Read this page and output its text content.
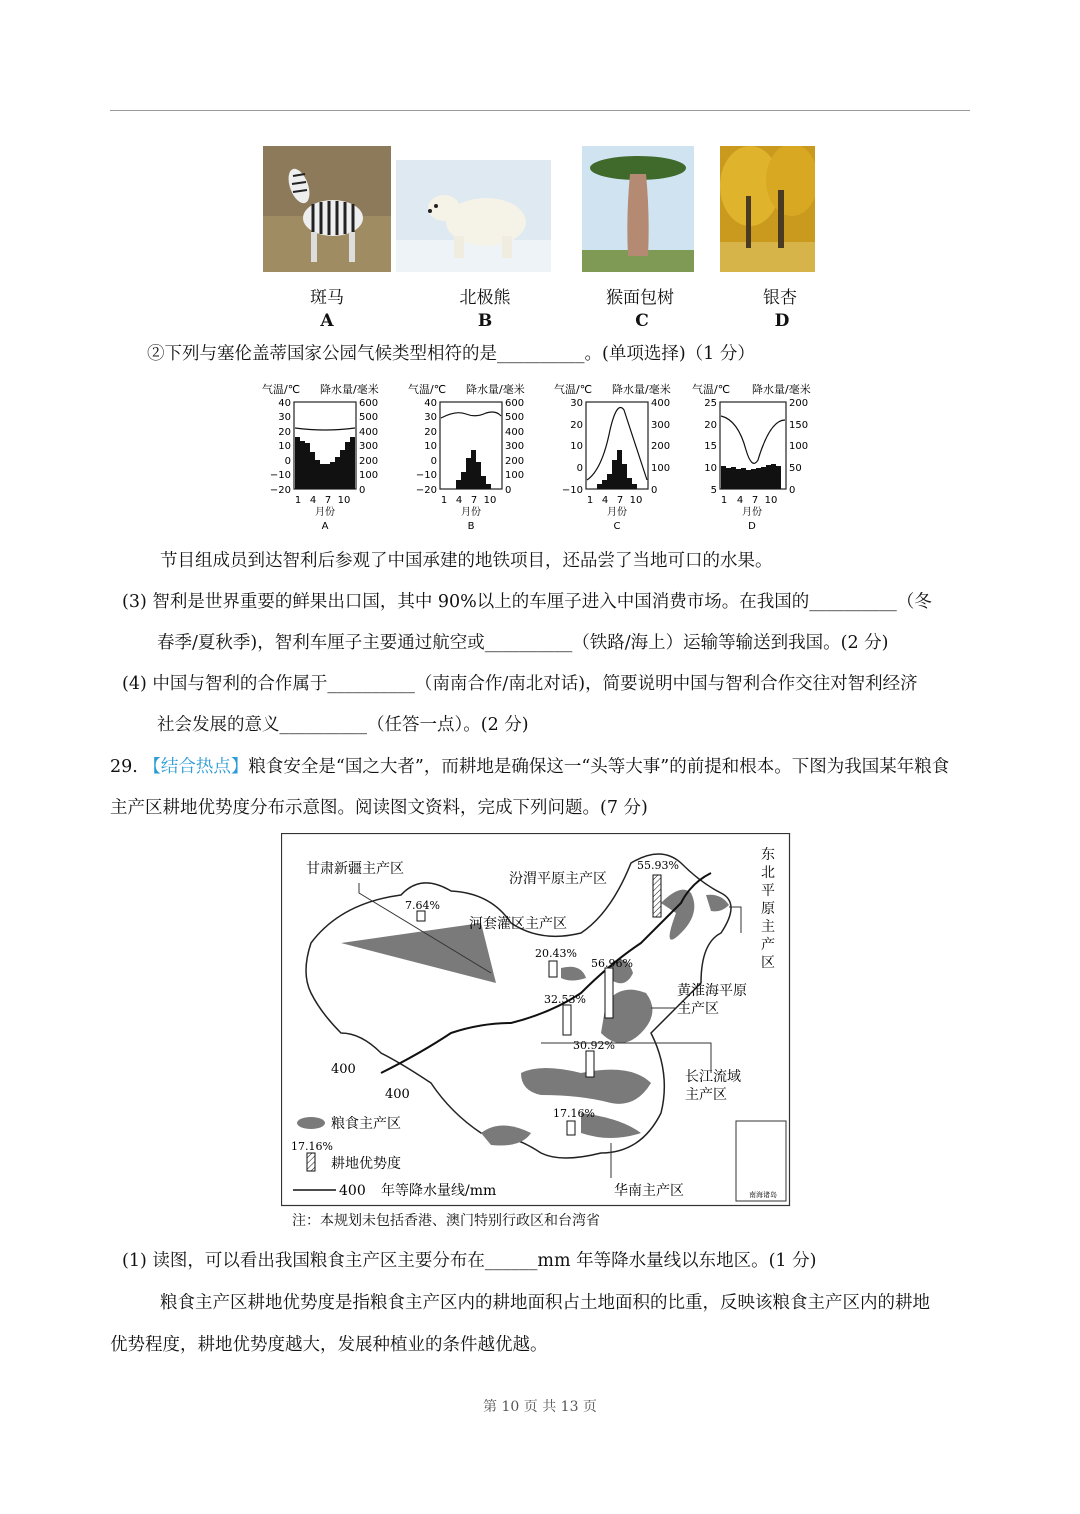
斑马	北极熊	猴面包树	银杏
A	B	C	D
②下列与塞伦盖蒂国家公园气候类型相符的是__________。(单项选择)（1 分）
气温/℃ 降水量/毫米
40
30
20
10
0
−10
−20
600
500
400
300
200
100
0
1 4 7 10
月份
A
气温/℃ 降水量/毫米
40
30
20
10
0
−10
−20
600
500
400
300
200
100
0
1 4 7 10
月份
B
气温/℃ 降水量/毫米
30
20
10
0
−10
400
300
200
100
0
1 4 7 10
月份
C
气温/℃ 降水量/毫米
25
20
15
10
5
200
150
100
50
0
1 4 7 10
月份
D
节目组成员到达智利后参观了中国承建的地铁项目，还品尝了当地可口的水果。
(3) 智利是世界重要的鲜果出口国，其中 90%以上的车厘子进入中国消费市场。在我国的__________（冬
春季/夏秋季)，智利车厘子主要通过航空或__________（铁路/海上）运输等输送到我国。(2 分)
(4) 中国与智利的合作属于__________（南南合作/南北对话)，简要说明中国与智利合作交往对智利经济
社会发展的意义__________（任答一点）。(2 分)
29. 【结合热点】粮食安全是“国之大者”，而耕地是确保这一“头等大事”的前提和根本。下图为我国某年粮食
主产区耕地优势度分布示意图。阅读图文资料，完成下列问题。(7 分)
甘肃新疆主产区
汾渭平原主产区
河套灌区主产区
黄淮海平原
主产区
长江流域
主产区
华南主产区
东
北
平
原
主
产
区
55.93%
7.64%
20.43%
56.96%
32.53%
30.92%
17.16%
400
400
南海诸岛
粮食主产区
17.16%
耕地优势度
400 年等降水量线/mm
注：本规划未包括香港、澳门特别行政区和台湾省
(1) 读图，可以看出我国粮食主产区主要分布在______mm 年等降水量线以东地区。(1 分)
粮食主产区耕地优势度是指粮食主产区内的耕地面积占土地面积的比重，反映该粮食主产区内的耕地
优势程度，耕地优势度越大，发展种植业的条件越优越。
第 10 页 共 13 页
